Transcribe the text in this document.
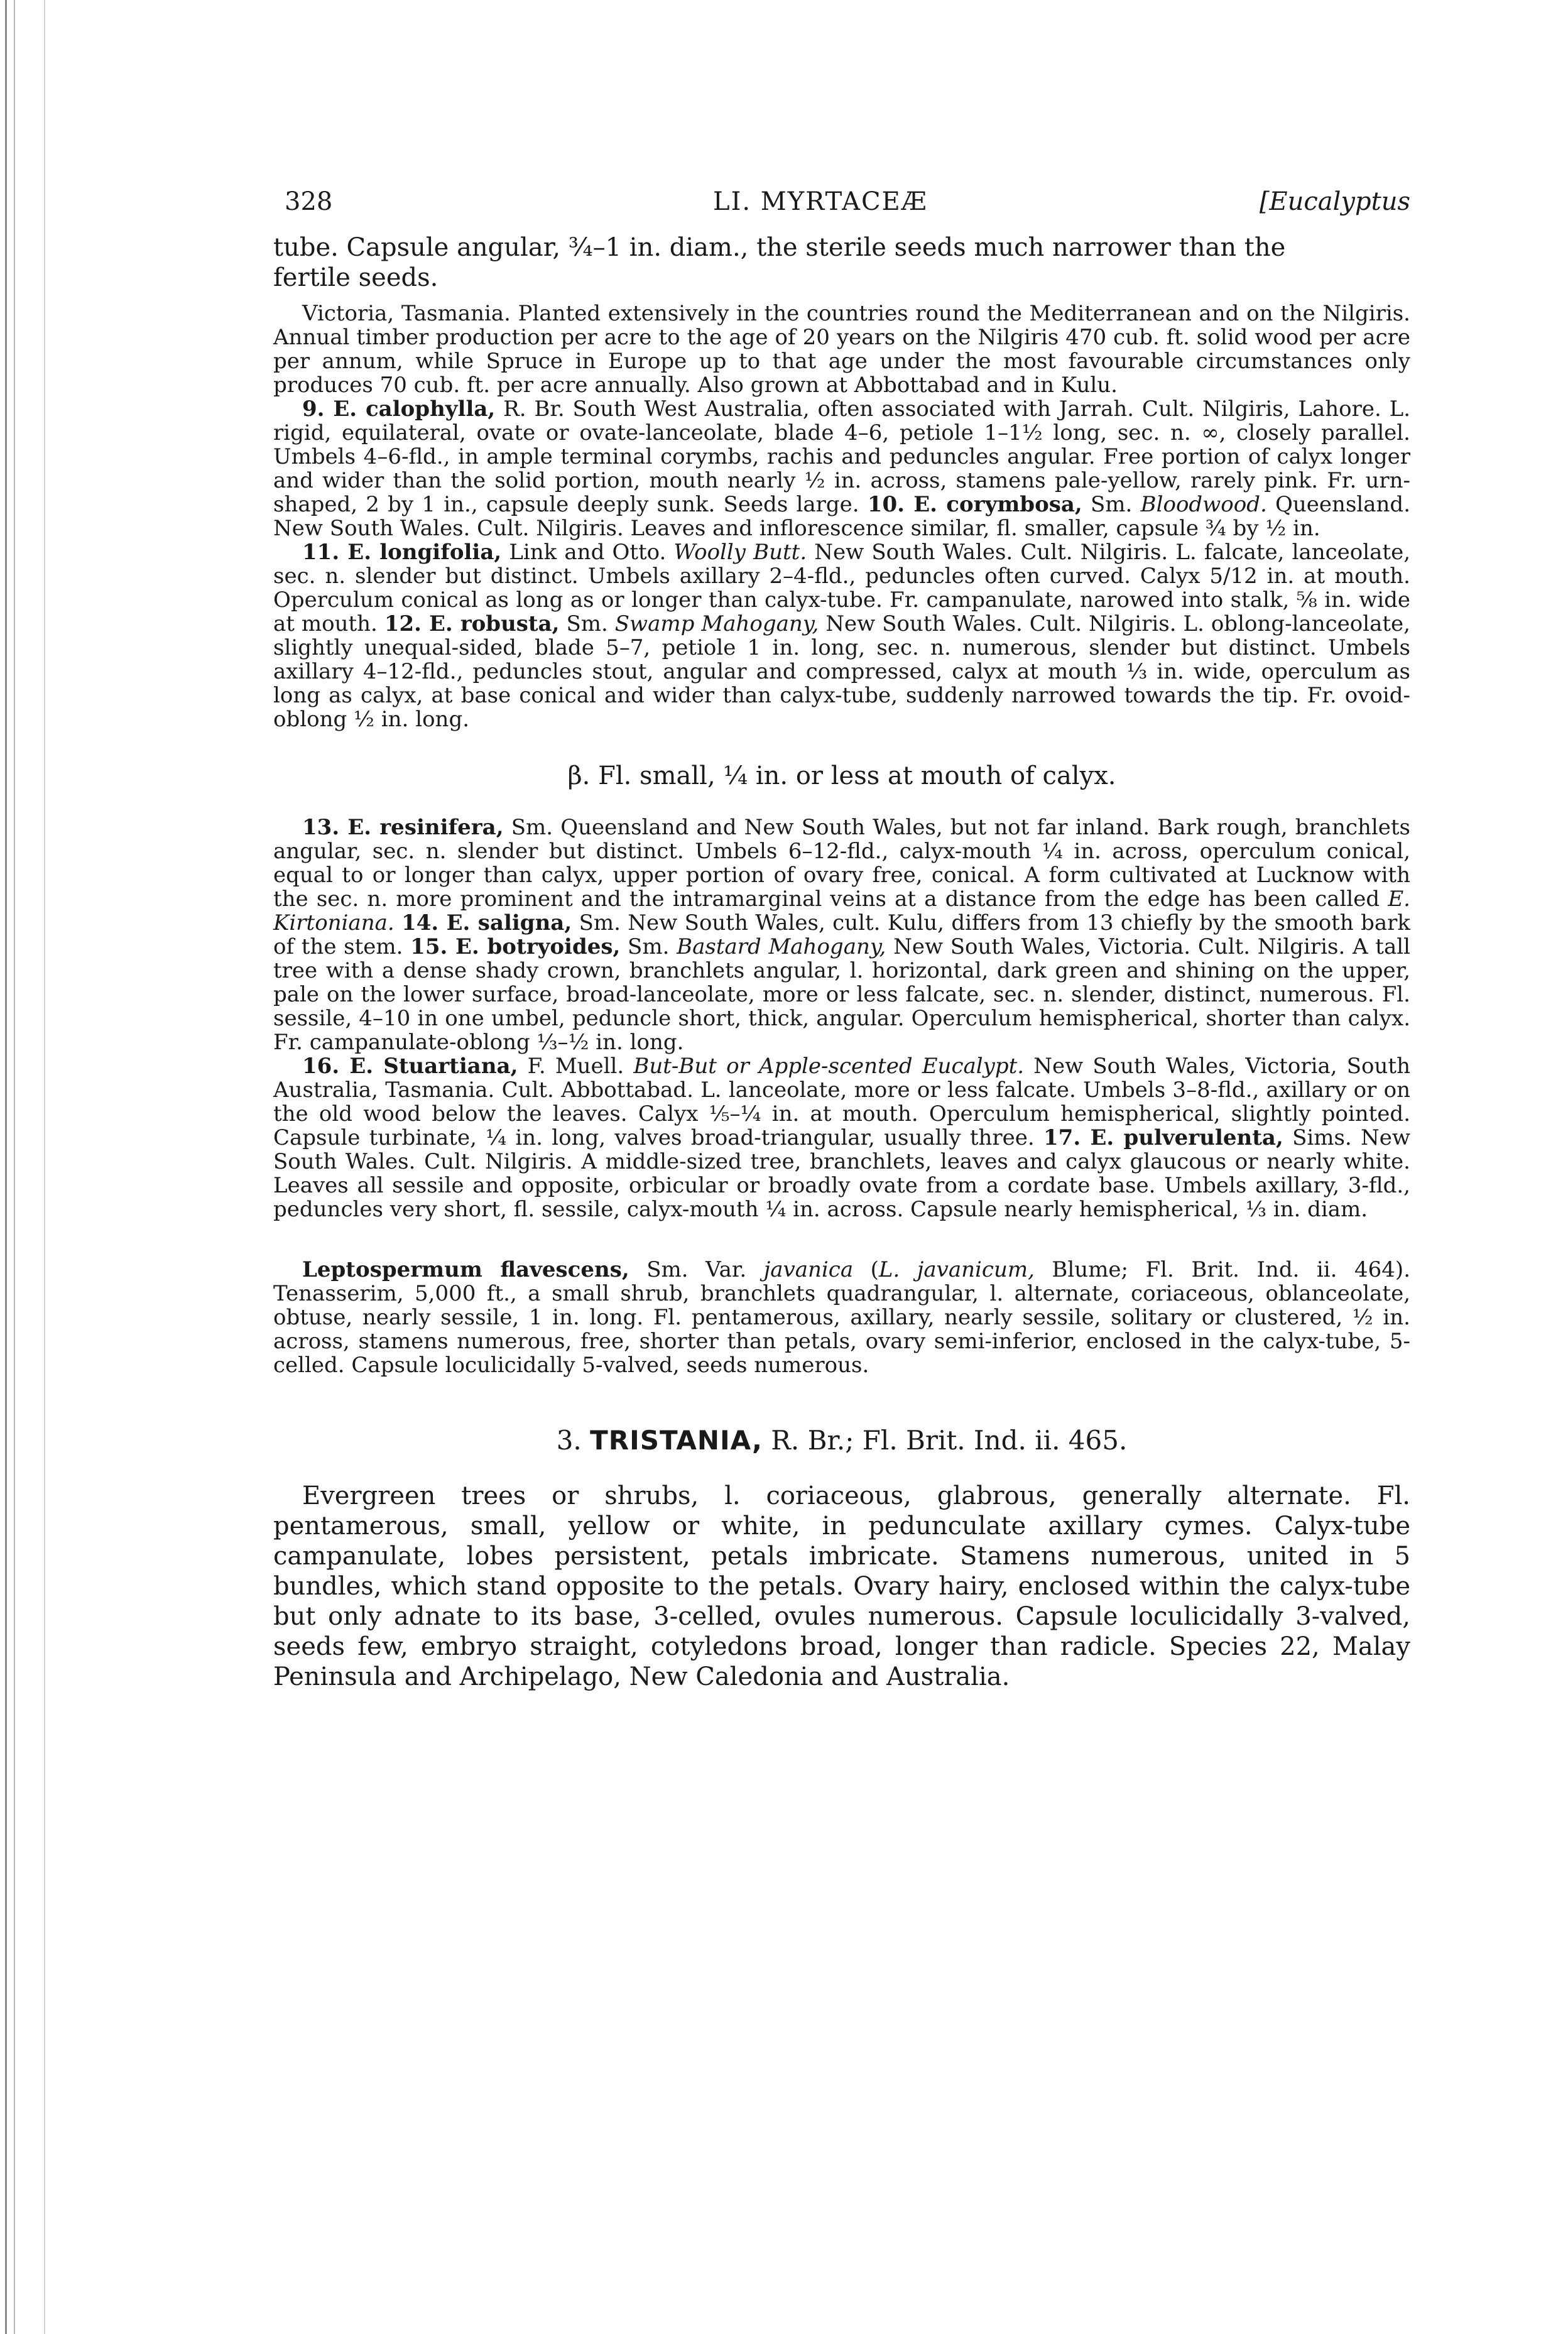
328	LI. MYRTACEÆ	[Eucalyptus

tube. Capsule angular, ¾–1 in. diam., the sterile seeds much narrower than the
fertile seeds.

Victoria, Tasmania. Planted extensively in the countries round the Mediterranean and on the Nilgiris. Annual timber production per acre to the age of 20 years on the Nilgiris 470 cub. ft. solid wood per acre per annum, while Spruce in Europe up to that age under the most favourable circumstances only produces 70 cub. ft. per acre annually. Also grown at Abbottabad and in Kulu.

9. E. calophylla, R. Br. South West Australia, often associated with Jarrah. Cult. Nilgiris, Lahore. L. rigid, equilateral, ovate or ovate-lanceolate, blade 4–6, petiole 1–1½ long, sec. n. ∞, closely parallel. Umbels 4–6-fld., in ample terminal corymbs, rachis and peduncles angular. Free portion of calyx longer and wider than the solid portion, mouth nearly ½ in. across, stamens pale-yellow, rarely pink. Fr. urn-shaped, 2 by 1 in., capsule deeply sunk. Seeds large. 10. E. corymbosa, Sm. Bloodwood. Queensland. New South Wales. Cult. Nilgiris. Leaves and inflorescence similar, fl. smaller, capsule ¾ by ½ in.

11. E. longifolia, Link and Otto. Woolly Butt. New South Wales. Cult. Nilgiris. L. falcate, lanceolate, sec. n. slender but distinct. Umbels axillary 2–4-fld., peduncles often curved. Calyx 5/12 in. at mouth. Operculum conical as long as or longer than calyx-tube. Fr. campanulate, narowed into stalk, ⅝ in. wide at mouth. 12. E. robusta, Sm. Swamp Mahogany, New South Wales. Cult. Nilgiris. L. oblong-lanceolate, slightly unequal-sided, blade 5–7, petiole 1 in. long, sec. n. numerous, slender but distinct. Umbels axillary 4–12-fld., peduncles stout, angular and compressed, calyx at mouth ⅓ in. wide, operculum as long as calyx, at base conical and wider than calyx-tube, suddenly narrowed towards the tip. Fr. ovoid-oblong ½ in. long.

β. Fl. small, ¼ in. or less at mouth of calyx.

13. E. resinifera, Sm. Queensland and New South Wales, but not far inland. Bark rough, branchlets angular, sec. n. slender but distinct. Umbels 6–12-fld., calyx-mouth ¼ in. across, operculum conical, equal to or longer than calyx, upper portion of ovary free, conical. A form cultivated at Lucknow with the sec. n. more prominent and the intramarginal veins at a distance from the edge has been called E. Kirtoniana. 14. E. saligna, Sm. New South Wales, cult. Kulu, differs from 13 chiefly by the smooth bark of the stem. 15. E. botryoides, Sm. Bastard Mahogany, New South Wales, Victoria. Cult. Nilgiris. A tall tree with a dense shady crown, branchlets angular, l. horizontal, dark green and shining on the upper, pale on the lower surface, broad-lanceolate, more or less falcate, sec. n. slender, distinct, numerous. Fl. sessile, 4–10 in one umbel, peduncle short, thick, angular. Operculum hemispherical, shorter than calyx. Fr. campanulate-oblong ⅓–½ in. long.

16. E. Stuartiana, F. Muell. But-But or Apple-scented Eucalypt. New South Wales, Victoria, South Australia, Tasmania. Cult. Abbottabad. L. lanceolate, more or less falcate. Umbels 3–8-fld., axillary or on the old wood below the leaves. Calyx ⅕–¼ in. at mouth. Operculum hemispherical, slightly pointed. Capsule turbinate, ¼ in. long, valves broad-triangular, usually three. 17. E. pulverulenta, Sims. New South Wales. Cult. Nilgiris. A middle-sized tree, branchlets, leaves and calyx glaucous or nearly white. Leaves all sessile and opposite, orbicular or broadly ovate from a cordate base. Umbels axillary, 3-fld., peduncles very short, fl. sessile, calyx-mouth ¼ in. across. Capsule nearly hemispherical, ⅓ in. diam.

Leptospermum flavescens, Sm. Var. javanica (L. javanicum, Blume; Fl. Brit. Ind. ii. 464). Tenasserim, 5,000 ft., a small shrub, branchlets quadrangular, l. alternate, coriaceous, oblanceolate, obtuse, nearly sessile, 1 in. long. Fl. pentamerous, axillary, nearly sessile, solitary or clustered, ½ in. across, stamens numerous, free, shorter than petals, ovary semi-inferior, enclosed in the calyx-tube, 5-celled. Capsule loculicidally 5-valved, seeds numerous.

3. TRISTANIA, R. Br.; Fl. Brit. Ind. ii. 465.

Evergreen trees or shrubs, l. coriaceous, glabrous, generally alternate. Fl. pentamerous, small, yellow or white, in pedunculate axillary cymes. Calyx-tube campanulate, lobes persistent, petals imbricate. Stamens numerous, united in 5 bundles, which stand opposite to the petals. Ovary hairy, enclosed within the calyx-tube but only adnate to its base, 3-celled, ovules numerous. Capsule loculicidally 3-valved, seeds few, embryo straight, cotyledons broad, longer than radicle. Species 22, Malay Peninsula and Archipelago, New Caledonia and Australia.
